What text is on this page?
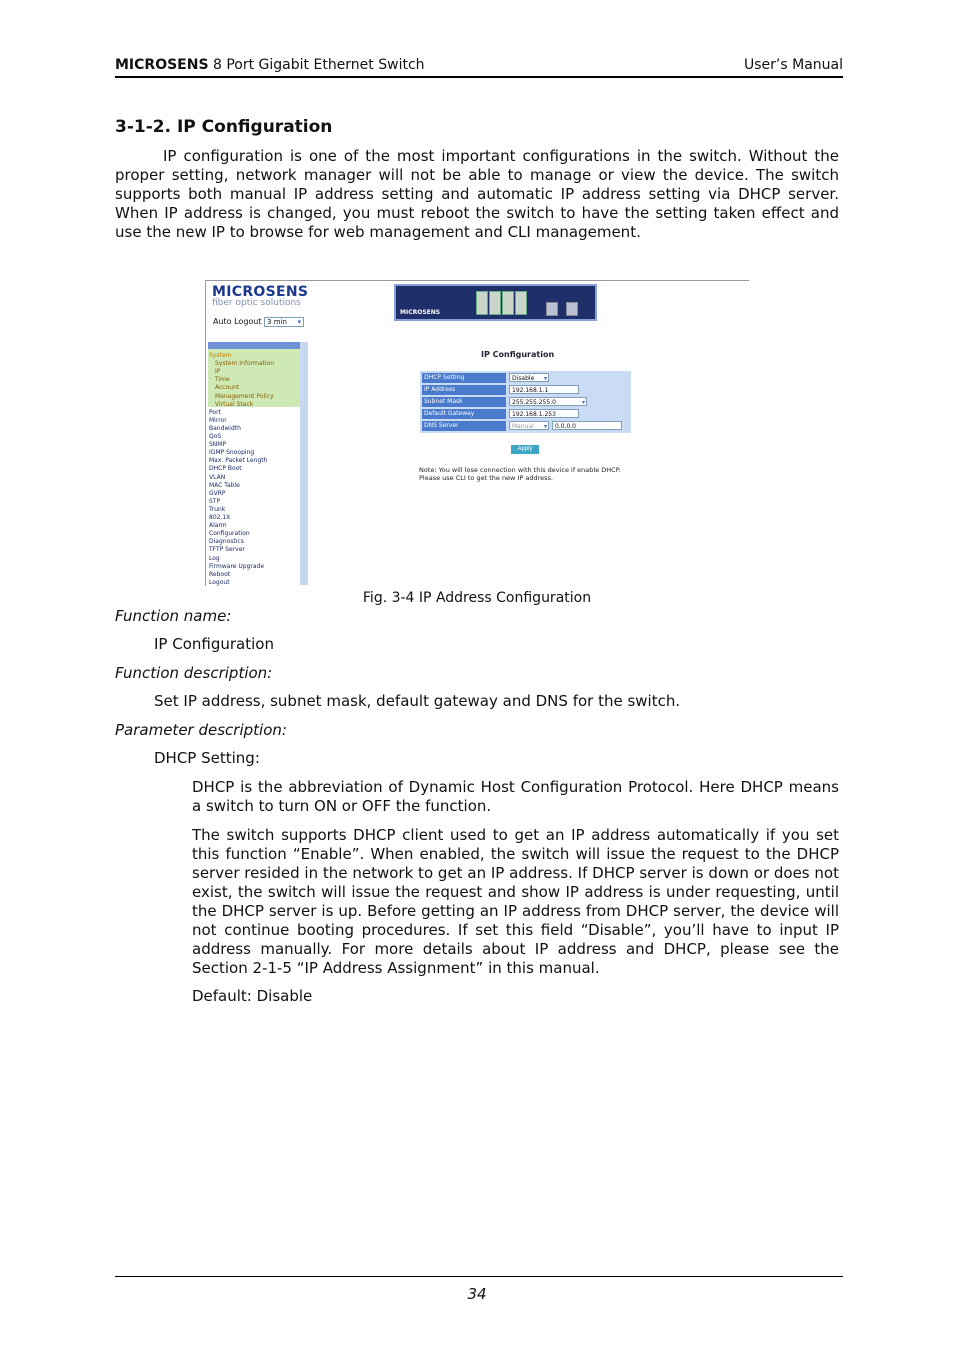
MICROSENS 8 Port Gigabit Ethernet Switch	User’s Manual
3-1-2. IP Configuration
IP configuration is one of the most important configurations in the switch. Without the proper setting, network manager will not be able to manage or view the device. The switch supports both manual IP address setting and automatic IP address setting via DHCP server. When IP address is changed, you must reboot the switch to have the setting taken effect and use the new IP to browse for web management and CLI management.
MICROSENS
fiber optic solutions
Auto Logout 3 min ▾
MICROSENS
System
System Information
IP
Time
Account
Management Policy
Virtual Stack
Port
Mirror
Bandwidth
QoS
SNMP
IGMP Snooping
Max. Packet Length
DHCP Boot
VLAN
MAC Table
GVRP
STP
Trunk
802.1X
Alarm
Configuration
Diagnostics
TFTP Server
Log
Firmware Upgrade
Reboot
Logout
IP Configuration
DHCP Setting	Disable ▾
IP Address	192.168.1.1
Subnet Mask	255.255.255.0	▾
Default Gateway	192.168.1.253
DNS Server	Manual ▾	0.0.0.0
Apply
Note: You will lose connection with this device if enable DHCP. Please use CLI to get the new IP address.
Fig. 3-4 IP Address Configuration
Function name:
IP Configuration
Function description:
Set IP address, subnet mask, default gateway and DNS for the switch.
Parameter description:
DHCP Setting:
DHCP is the abbreviation of Dynamic Host Configuration Protocol. Here DHCP means a switch to turn ON or OFF the function.
The switch supports DHCP client used to get an IP address automatically if you set this function “Enable”. When enabled, the switch will issue the request to the DHCP server resided in the network to get an IP address. If DHCP server is down or does not exist, the switch will issue the request and show IP address is under requesting, until the DHCP server is up. Before getting an IP address from DHCP server, the device will not continue booting procedures. If set this field “Disable”, you’ll have to input IP address manually. For more details about IP address and DHCP, please see the Section 2-1-5 “IP Address Assignment” in this manual.
Default: Disable
34
